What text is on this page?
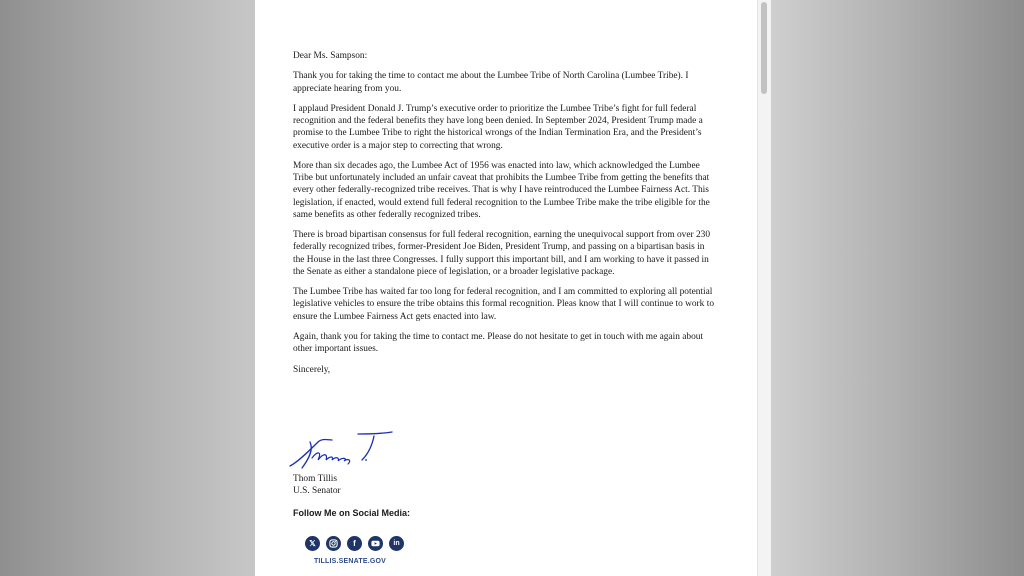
Dear Ms. Sampson:

Thank you for taking the time to contact me about the Lumbee Tribe of North Carolina (Lumbee Tribe). I appreciate hearing from you.

I applaud President Donald J. Trump’s executive order to prioritize the Lumbee Tribe’s fight for full federal recognition and the federal benefits they have long been denied. In September 2024, President Trump made a promise to the Lumbee Tribe to right the historical wrongs of the Indian Termination Era, and the President’s executive order is a major step to correcting that wrong.

More than six decades ago, the Lumbee Act of 1956 was enacted into law, which acknowledged the Lumbee Tribe but unfortunately included an unfair caveat that prohibits the Lumbee Tribe from getting the benefits that every other federally-recognized tribe receives. That is why I have reintroduced the Lumbee Fairness Act. This legislation, if enacted, would extend full federal recognition to the Lumbee Tribe make the tribe eligible for the same benefits as other federally recognized tribes.

There is broad bipartisan consensus for full federal recognition, earning the unequivocal support from over 230 federally recognized tribes, former-President Joe Biden, President Trump, and passing on a bipartisan basis in the House in the last three Congresses. I fully support this important bill, and I am working to have it passed in the Senate as either a standalone piece of legislation, or a broader legislative package.

The Lumbee Tribe has waited far too long for federal recognition, and I am committed to exploring all potential legislative vehicles to ensure the tribe obtains this formal recognition. Pleas know that I will continue to work to ensure the Lumbee Fairness Act gets enacted into law.

Again, thank you for taking the time to contact me. Please do not hesitate to get in touch with me again about other important issues.

Sincerely,

Thom Tillis
U.S. Senator
Follow Me on Social Media:
𝕏	f	in
TILLIS.SENATE.GOV
